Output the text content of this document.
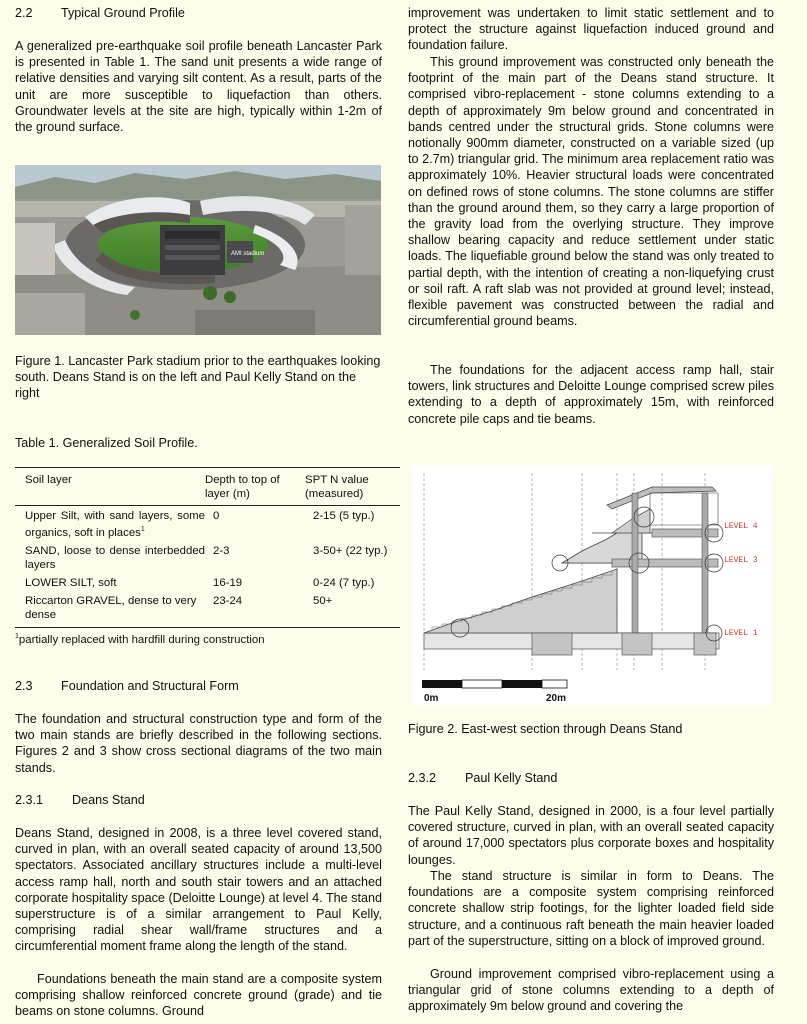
2.2 Typical Ground Profile

A generalized pre-earthquake soil profile beneath Lancaster Park is presented in Table 1. The sand unit presents a wide range of relative densities and varying silt content. As a result, parts of the unit are more susceptible to liquefaction than others. Groundwater levels at the site are high, typically within 1-2m of the ground surface.

AMI stadium

Figure 1. Lancaster Park stadium prior to the earthquakes looking south. Deans Stand is on the left and Paul Kelly Stand on the right

Table 1. Generalized Soil Profile.

Soil layer	Depth to top of layer (m)	SPT N value (measured)
Upper Silt, with sand layers, some organics, soft in places$^1$	0	2-15 (5 typ.)

SAND, loose to dense interbedded layers	2-3	3-50+ (22 typ.)

LOWER SILT, soft	16-19	0-24 (7 typ.)

Riccarton GRAVEL, dense to very dense	23-24	50+
$^1$partially replaced with hardfill during construction
2.3 Foundation and Structural Form

The foundation and structural construction type and form of the two main stands are briefly described in the following sections. Figures 2 and 3 show cross sectional diagrams of the two main stands.

2.3.1 Deans Stand

Deans Stand, designed in 2008, is a three level covered stand, curved in plan, with an overall seated capacity of around 13,500 spectators. Associated ancillary structures include a multi-level access ramp hall, north and south stair towers and an attached corporate hospitality space (Deloitte Lounge) at level 4. The stand superstructure is of a similar arrangement to Paul Kelly, comprising radial shear wall/frame structures and a circumferential moment frame along the length of the stand.

Foundations beneath the main stand are a composite system comprising shallow reinforced concrete ground (grade) and tie beams on stone columns. Ground

improvement was undertaken to limit static settlement and to protect the structure against liquefaction induced ground and foundation failure.

This ground improvement was constructed only beneath the footprint of the main part of the Deans stand structure. It comprised vibro-replacement - stone columns extending to a depth of approximately 9m below ground and concentrated in bands centred under the structural grids. Stone columns were notionally 900mm diameter, constructed on a variable sized (up to 2.7m) triangular grid. The minimum area replacement ratio was approximately 10%. Heavier structural loads were concentrated on defined rows of stone columns. The stone columns are stiffer than the ground around them, so they carry a large proportion of the gravity load from the overlying structure. They improve shallow bearing capacity and reduce settlement under static loads. The liquefiable ground below the stand was only treated to partial depth, with the intention of creating a non-liquefying crust or soil raft. A raft slab was not provided at ground level; instead, flexible pavement was constructed between the radial and circumferential ground beams.

The foundations for the adjacent access ramp hall, stair towers, link structures and Deloitte Lounge comprised screw piles extending to a depth of approximately 15m, with reinforced concrete pile caps and tie beams.

LEVEL 4
LEVEL 3
LEVEL 1
0m	20m

Figure 2. East-west section through Deans Stand

2.3.2 Paul Kelly Stand

The Paul Kelly Stand, designed in 2000, is a four level partially covered structure, curved in plan, with an overall seated capacity of around 17,000 spectators plus corporate boxes and hospitality lounges.

The stand structure is similar in form to Deans. The foundations are a composite system comprising reinforced concrete shallow strip footings, for the lighter loaded field side structure, and a continuous raft beneath the main heavier loaded part of the superstructure, sitting on a block of improved ground.

Ground improvement comprised vibro-replacement using a triangular grid of stone columns extending to a depth of approximately 9m below ground and covering the
